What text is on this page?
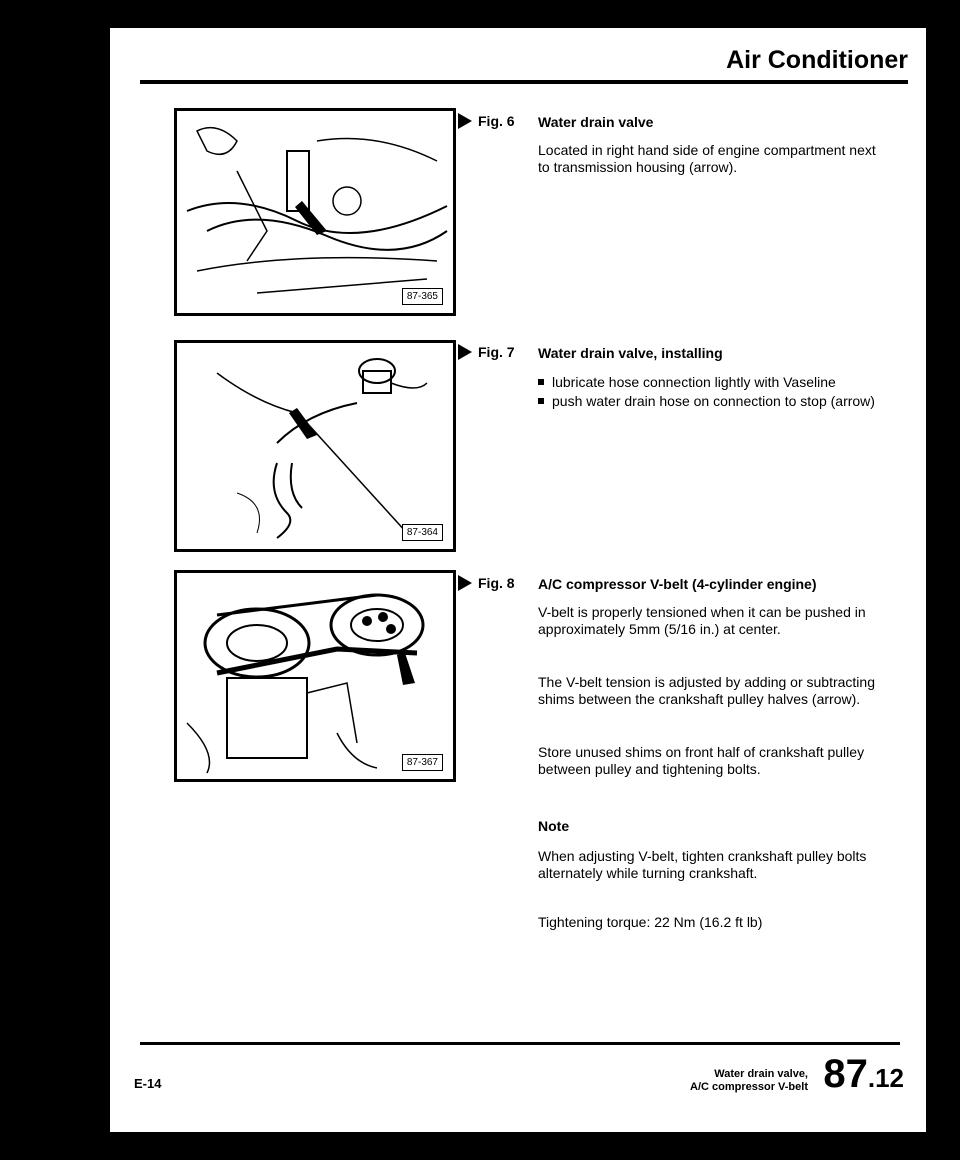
Air Conditioner
87-365
Fig. 6 Water drain valve
Located in right hand side of engine compartment next to transmission housing (arrow).
87-364
Fig. 7 Water drain valve, installing
lubricate hose connection lightly with Vaseline
push water drain hose on connection to stop (arrow)
87-367
Fig. 8 A/C compressor V-belt (4-cylinder engine)
V-belt is properly tensioned when it can be pushed in approximately 5mm (5/16 in.) at center.
The V-belt tension is adjusted by adding or subtracting shims between the crankshaft pulley halves (arrow).
Store unused shims on front half of crankshaft pulley between pulley and tightening bolts.
Note
When adjusting V-belt, tighten crankshaft pulley bolts alternately while turning crankshaft.
Tightening torque: 22 Nm (16.2 ft lb)
E-14
Water drain valve,
A/C compressor V-belt 87.12
